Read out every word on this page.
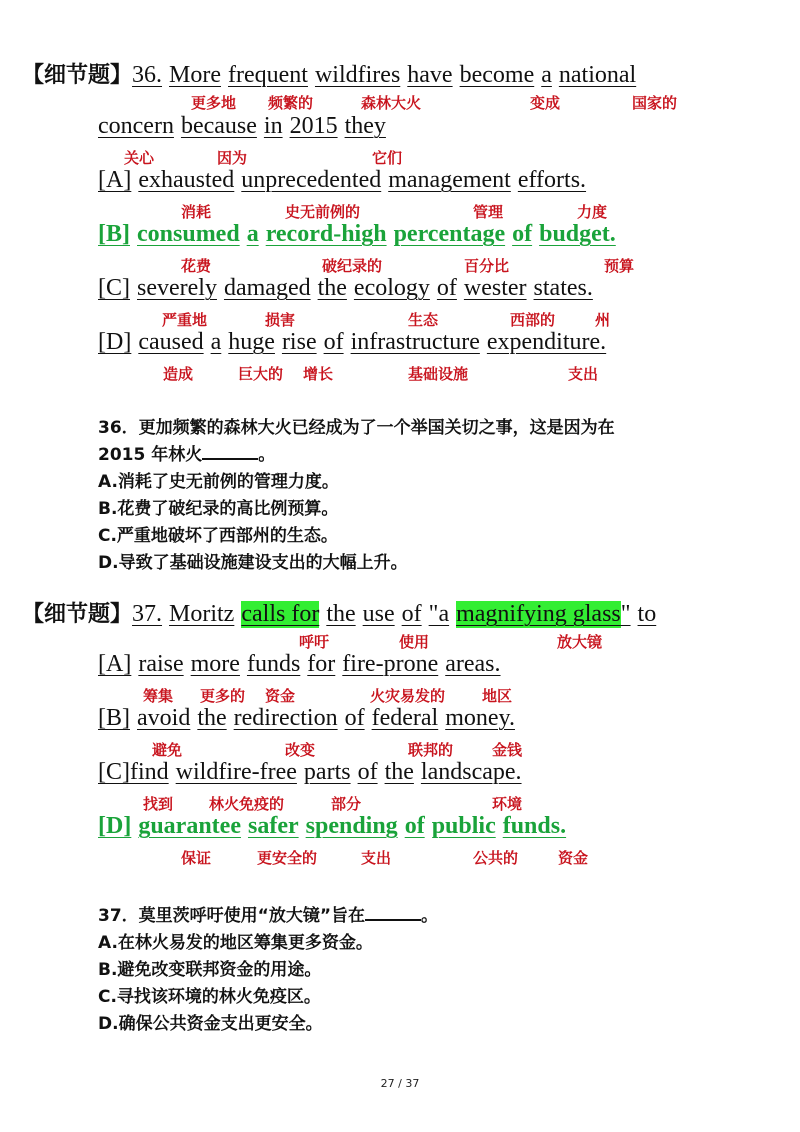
【细节题】36. More frequent wildfires have become a national
更多地 频繁的	森林大火	变成	国家的
concern because in 2015 they
关心	因为	它们
[A] exhausted unprecedented management efforts.
消耗	史无前例的	管理	力度
[B] consumed a record-high percentage of budget.
花费	破纪录的	百分比	预算
[C] severely damaged the ecology of wester states.
严重地	损害	生态	西部的	州
[D] caused a huge rise of infrastructure expenditure.
造成	巨大的 增长	基础设施	支出
36．更加频繁的森林大火已经成为了一个举国关切之事，这是因为在
2015 年林火	。
A.消耗了史无前例的管理力度。
B.花费了破纪录的高比例预算。
C.严重地破坏了西部州的生态。
D.导致了基础设施建设支出的大幅上升。
【细节题】37. Moritz calls for the use of "a magnifying glass" to
呼吁	使用	放大镜
[A] raise more funds for fire-prone areas.
筹集 更多的 资金	火灾易发的 地区
[B] avoid the redirection of federal money.
避免	改变	联邦的	金钱
[C]find wildfire-free parts of the landscape.
找到 林火免疫的	部分	环境
[D] guarantee safer spending of public funds.
保证	更安全的	支出	公共的	资金
37．莫里茨呼吁使用“放大镜”旨在	。
A.在林火易发的地区筹集更多资金。
B.避免改变联邦资金的用途。
C.寻找该环境的林火免疫区。
D.确保公共资金支出更安全。
27 / 37
